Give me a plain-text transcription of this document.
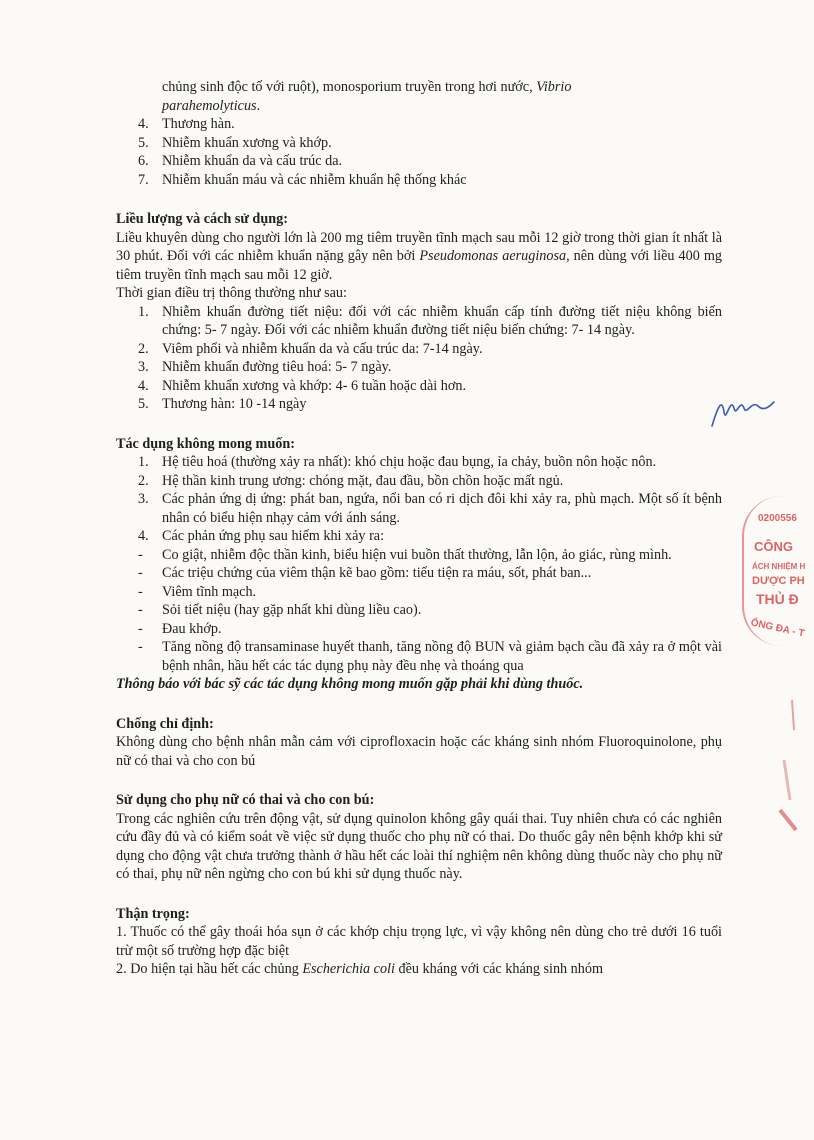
chủng sinh độc tố với ruột), monosporium truyền trong hơi nước, Vibrio
parahemolyticus.
4. Thương hàn.
5. Nhiễm khuẩn xương và khớp.
6. Nhiễm khuẩn da và cấu trúc da.
7. Nhiễm khuẩn máu và các nhiễm khuẩn hệ thống khác
Liều lượng và cách sử dụng:
Liều khuyên dùng cho người lớn là 200 mg tiêm truyền tĩnh mạch sau mỗi 12 giờ trong thời gian ít nhất là 30 phút. Đối với các nhiễm khuẩn nặng gây nên bởi Pseudomonas aeruginosa, nên dùng với liều 400 mg tiêm truyền tĩnh mạch sau mỗi 12 giờ.
Thời gian điều trị thông thường như sau:
1. Nhiễm khuẩn đường tiết niệu: đối với các nhiễm khuẩn cấp tính đường tiết niệu không biến chứng: 5- 7 ngày. Đối với các nhiễm khuẩn đường tiết niệu biến chứng: 7- 14 ngày.
2. Viêm phổi và nhiễm khuẩn da và cấu trúc da: 7-14 ngày.
3. Nhiễm khuẩn đường tiêu hoá: 5- 7 ngày.
4. Nhiễm khuẩn xương và khớp: 4- 6 tuần hoặc dài hơn.
5. Thương hàn: 10 -14 ngày
Tác dụng không mong muốn:
1. Hệ tiêu hoá (thường xảy ra nhất): khó chịu hoặc đau bụng, ỉa chảy, buồn nôn hoặc nôn.
2. Hệ thần kinh trung ương: chóng mặt, đau đầu, bồn chồn hoặc mất ngủ.
3. Các phản ứng dị ứng: phát ban, ngứa, nổi ban có ri dịch đôi khi xảy ra, phù mạch. Một số ít bệnh nhân có biểu hiện nhạy cảm với ánh sáng.
4. Các phản ứng phụ sau hiếm khi xảy ra:
- Co giật, nhiễm độc thần kinh, biểu hiện vui buồn thất thường, lẫn lộn, ảo giác, rùng mình.
- Các triệu chứng của viêm thận kẽ bao gồm: tiểu tiện ra máu, sốt, phát ban...
- Viêm tĩnh mạch.
- Sỏi tiết niệu (hay gặp nhất khi dùng liều cao).
- Đau khớp.
- Tăng nồng độ transaminase huyết thanh, tăng nồng độ BUN và giảm bạch cầu đã xảy ra ở một vài bệnh nhân, hầu hết các tác dụng phụ này đều nhẹ và thoáng qua
Thông báo với bác sỹ các tác dụng không mong muốn gặp phải khi dùng thuốc.
Chống chỉ định:
Không dùng cho bệnh nhân mẫn cảm với ciprofloxacin hoặc các kháng sinh nhóm Fluoroquinolone, phụ nữ có thai và cho con bú
Sử dụng cho phụ nữ có thai và cho con bú:
Trong các nghiên cứu trên động vật, sử dụng quinolon không gây quái thai. Tuy nhiên chưa có các nghiên cứu đầy đủ và có kiểm soát về việc sử dụng thuốc cho phụ nữ có thai. Do thuốc gây nên bệnh khớp khi sử dụng cho động vật chưa trưởng thành ở hầu hết các loài thí nghiệm nên không dùng thuốc này cho phụ nữ có thai, phụ nữ nên ngừng cho con bú khi sử dụng thuốc này.
Thận trọng:
1. Thuốc có thể gây thoái hóa sụn ở các khớp chịu trọng lực, vì vậy không nên dùng cho trẻ dưới 16 tuổi trừ một số trường hợp đặc biệt
2. Do hiện tại hầu hết các chủng Escherichia coli đều kháng với các kháng sinh nhóm
0200556
CÔNG
ÁCH NHIỆM H
DƯỢC PH
THỦ Đ
ỐNG ĐA - T
